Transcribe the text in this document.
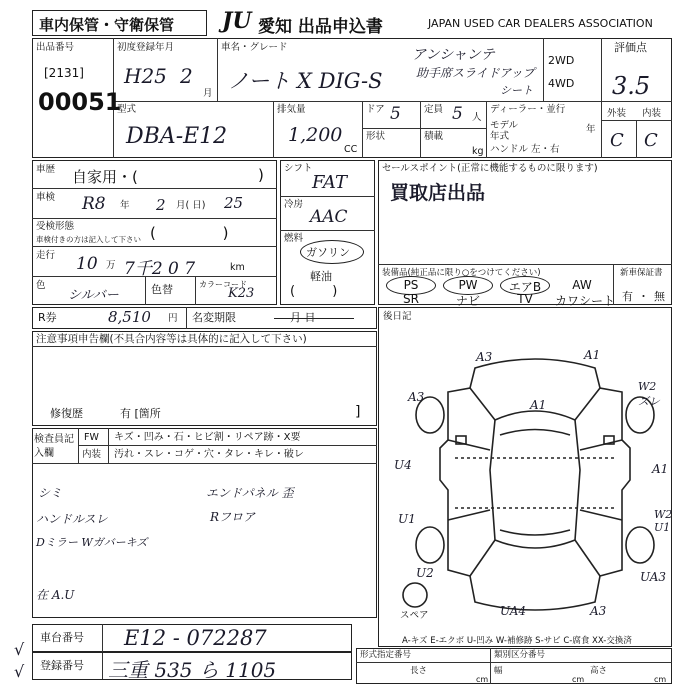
車内保管・守衛保管 JU 愛知 出品申込書	JAPAN USED CAR DEALERS ASSOCIATION
出品番号
[2131]
00051
初度登録年月
H25 2
月
車名・グレード
ノート X DIG-S
アンシャンテ
助手席スライドアップ
シート
2WD
4WD
評価点
3.5
型式
DBA-E12
排気量
1,200
CC
ドア 5 定員 5 人
形状	積載
kg
ディーラー・並行
モデル年式
年
ハンドル 左・右
外装 内装
C C
車歴 自家用・(	)
車検 R8 年 2 月( 日) 25
受検形態
車検付きの方は記入して下さい (              )
走行 10 万 7千2 0 7	km
色
シルバー	色替	カラーコード
K23
シフト
FAT
冷房
AAC
燃料
ガソリン
軽油
(         )
セールスポイント(正常に機能するものに限ります)
買取店出品
装備品(純正品に限り○をつけてください)	新車保証書
有 ・ 無
PS	PW	エアB	AW
SR	ナビ	TV	カワシート
R券	8,510 円 名変期限	月 日
注意事項申告欄(不具合内容等は具体的に記入して下さい)
修復歴	有 [箇所	]
後日記
A3	A1
A1
W2 ズレ
U4	A1
A3
W2 U1
U1
U2	UA3
UA4	A3
スペア
A-キズ E-エクボ U-凹み W-補修跡 S-サビ C-腐食 XX-交換済
検査員記入欄
FW キズ・凹み・石・ヒビ割・リペア跡・X要
内装 汚れ・スレ・コゲ・穴・タレ・キレ・破レ
シミ
ハンドルスレ
Dミラー Wガバーキズ
在 A.U
エンドパネル 歪
Rフロア
車台番号 E12 - 072287
登録番号 三重 535 ら 1105
√
√
形式指定番号	類別区分番号
長さ	幅	高さ
cm	cm	cm
